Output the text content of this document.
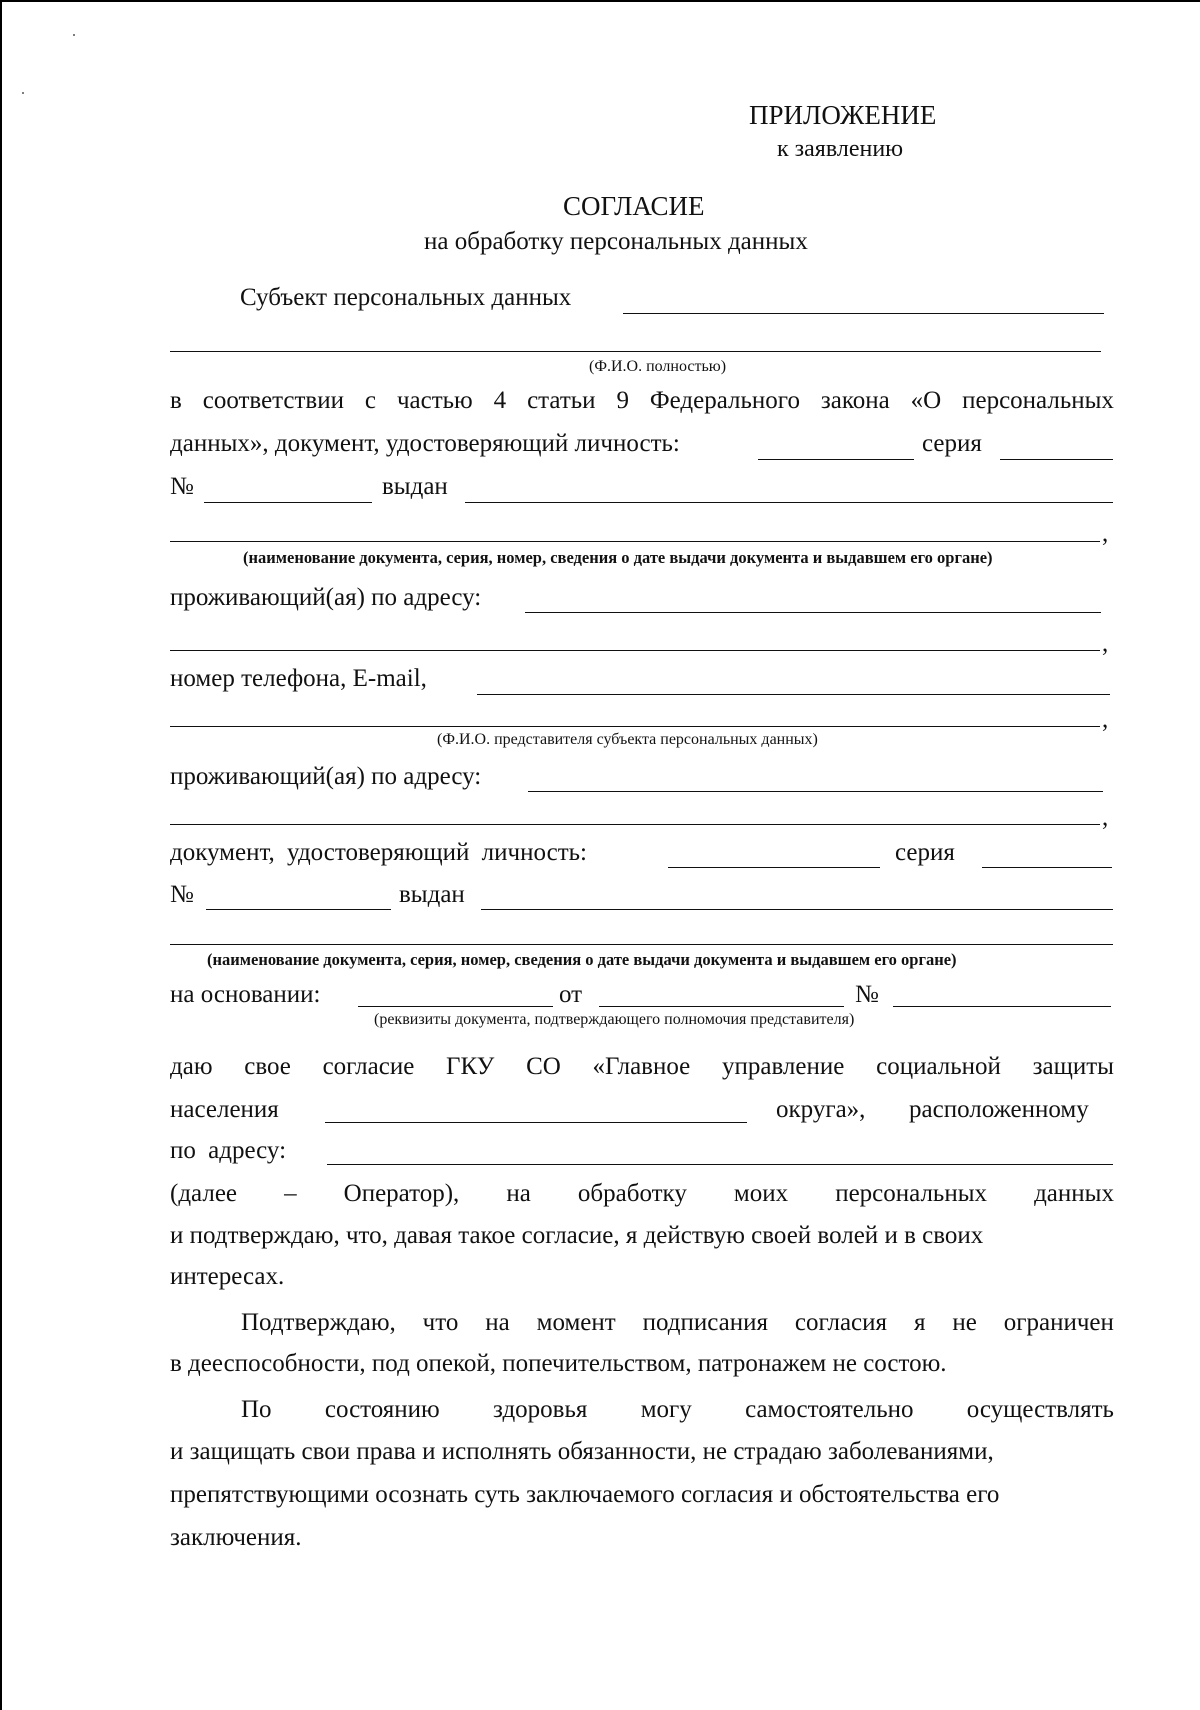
ПРИЛОЖЕНИЕ
к заявлению
СОГЛАСИЕ
на обработку персональных данных
Субъект персональных данных
(Ф.И.О. полностью)
в соответствии с частью 4 статьи 9 Федерального закона «О персональных
данных», документ, удостоверяющий личность:	серия
№	выдан
,
(наименование документа, серия, номер, сведения о дате выдачи документа и выдавшем его органе)
проживающий(ая) по адресу:
,
номер телефона, E-mail,
,
(Ф.И.О. представителя субъекта персональных данных)
проживающий(ая) по адресу:
,
документ, удостоверяющий личность:	серия
№	выдан
(наименование документа, серия, номер, сведения о дате выдачи документа и выдавшем его органе)
на основании:	от	№
(реквизиты документа, подтверждающего полномочия представителя)
даю свое согласие ГКУ СО «Главное управление социальной защиты
населения	округа», расположенному
по адресу:
(далее – Оператор), на обработку моих персональных данных
и подтверждаю, что, давая такое согласие, я действую своей волей и в своих
интересах.
Подтверждаю, что на момент подписания согласия я не ограничен
в дееспособности, под опекой, попечительством, патронажем не состою.
По состоянию здоровья могу самостоятельно осуществлять
и защищать свои права и исполнять обязанности, не страдаю заболеваниями,
препятствующими осознать суть заключаемого согласия и обстоятельства его
заключения.
